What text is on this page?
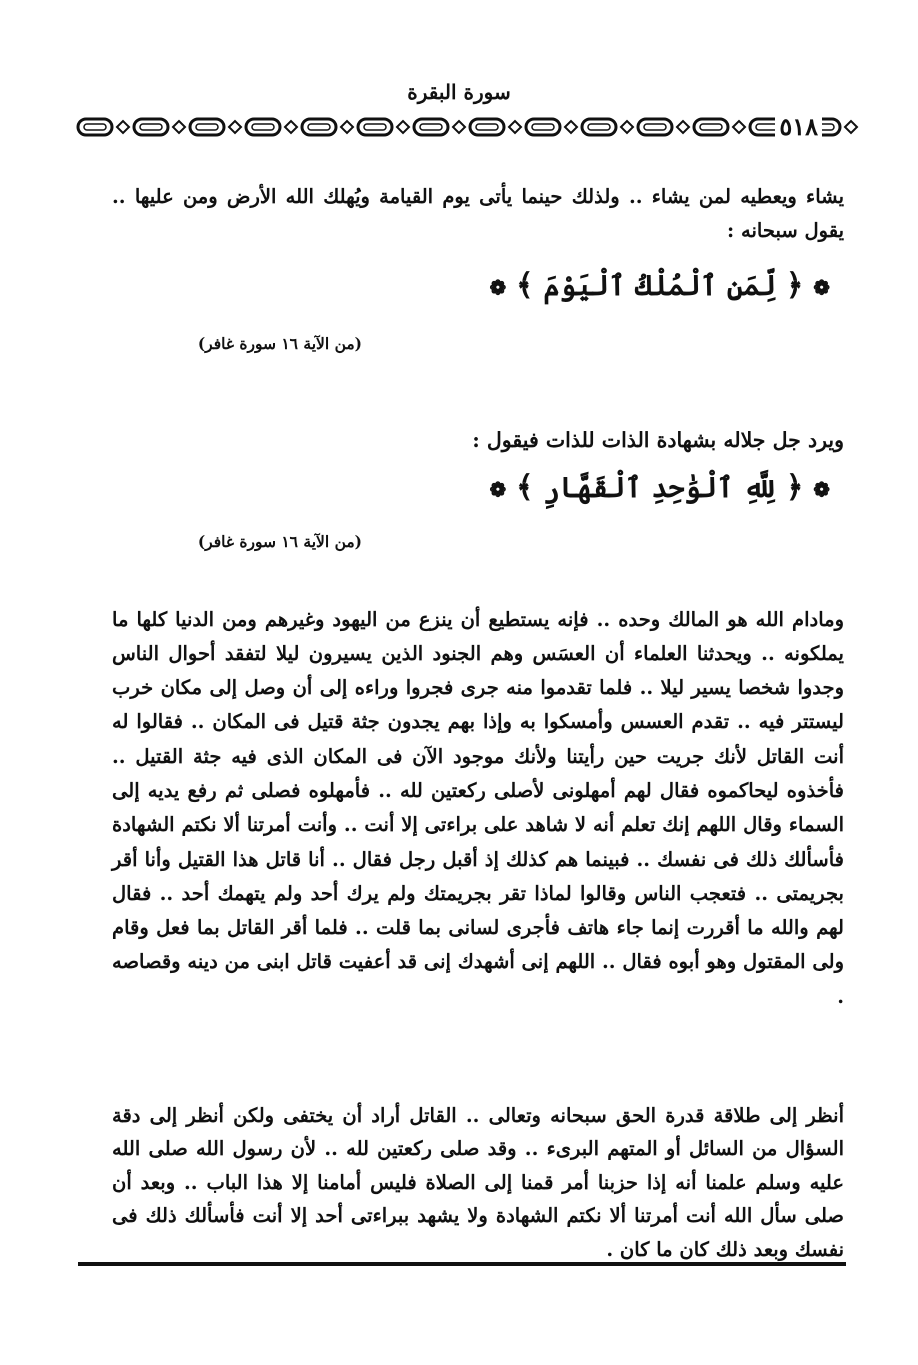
سورة البقرة
٥١٨

يشاء ويعطيه لمن يشاء .. ولذلك حينما يأتى يوم القيامة ويُهلك الله الأرض ومن عليها .. يقول سبحانه :

❁ ﴿ لِّمَنِ ٱلْمُلْكُ ٱلْيَوْمَ ﴾ ❁
(من الآية ١٦ سورة غافر)

ويرد جل جلاله بشهادة الذات للذات فيقول :

❁ ﴿ لِلَّهِ ٱلْوَٰحِدِ ٱلْقَهَّارِ ﴾ ❁
(من الآية ١٦ سورة غافر)

ومادام الله هو المالك وحده .. فإنه يستطيع أن ينزع من اليهود وغيرهم ومن الدنيا كلها ما يملكونه .. ويحدثنا العلماء أن العسَس وهم الجنود الذين يسيرون ليلا لتفقد أحوال الناس وجدوا شخصا يسير ليلا .. فلما تقدموا منه جرى فجروا وراءه إلى أن وصل إلى مكان خرب ليستتر فيه .. تقدم العسس وأمسكوا به وإذا بهم يجدون جثة قتيل فى المكان .. فقالوا له أنت القاتل لأنك جريت حين رأيتنا ولأنك موجود الآن فى المكان الذى فيه جثة القتيل .. فأخذوه ليحاكموه فقال لهم أمهلونى لأصلى ركعتين لله .. فأمهلوه فصلى ثم رفع يديه إلى السماء وقال اللهم إنك تعلم أنه لا شاهد على براءتى إلا أنت .. وأنت أمرتنا ألا نكتم الشهادة فأسألك ذلك فى نفسك .. فبينما هم كذلك إذ أقبل رجل فقال .. أنا قاتل هذا القتيل وأنا أقر بجريمتى .. فتعجب الناس وقالوا لماذا تقر بجريمتك ولم يرك أحد ولم يتهمك أحد .. فقال لهم والله ما أقررت إنما جاء هاتف فأجرى لسانى بما قلت .. فلما أقر القاتل بما فعل وقام ولى المقتول وهو أبوه فقال .. اللهم إنى أشهدك إنى قد أعفيت قاتل ابنى من دينه وقصاصه .

أنظر إلى طلاقة قدرة الحق سبحانه وتعالى .. القاتل أراد أن يختفى ولكن أنظر إلى دقة السؤال من السائل أو المتهم البرىء .. وقد صلى ركعتين لله .. لأن رسول الله صلى الله عليه وسلم علمنا أنه إذا حزبنا أمر قمنا إلى الصلاة فليس أمامنا إلا هذا الباب .. وبعد أن صلى سأل الله أنت أمرتنا ألا نكتم الشهادة ولا يشهد ببراءتى أحد إلا أنت فأسألك ذلك فى نفسك وبعد ذلك كان ما كان .
